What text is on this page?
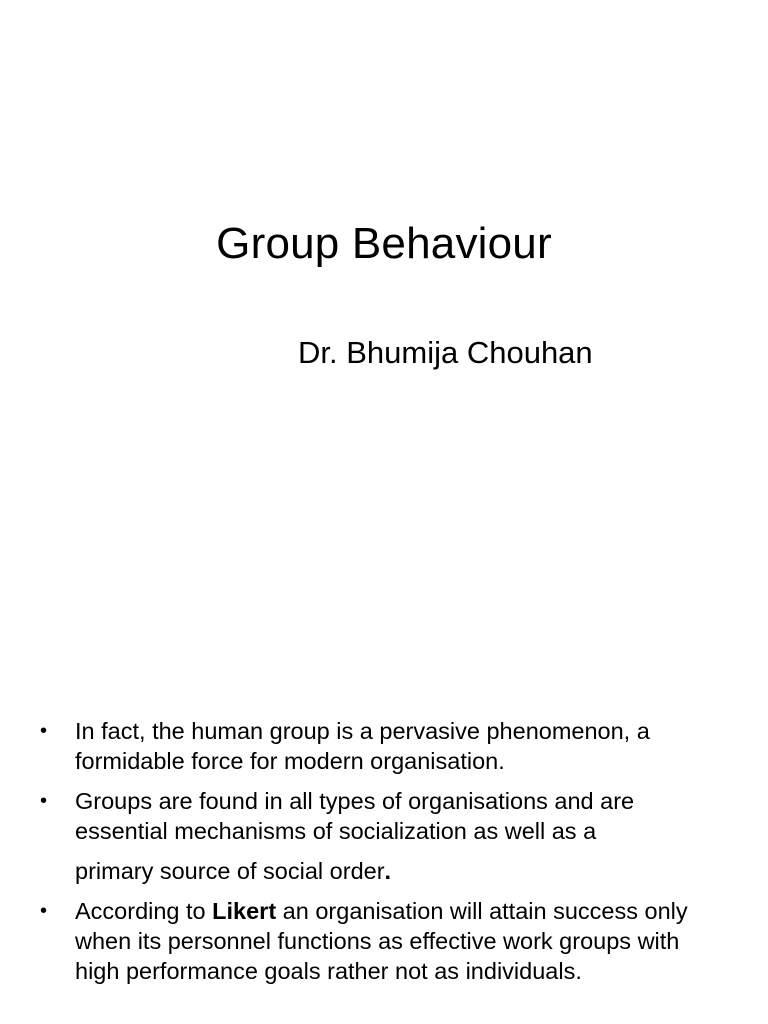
Group Behaviour

Dr. Bhumija Chouhan

• In fact, the human group is a pervasive phenomenon, a formidable force for modern organisation.
• Groups are found in all types of organisations and are essential mechanisms of socialization as well as a primary source of social order.
• According to Likert an organisation will attain success only when its personnel functions as effective work groups with high performance goals rather not as individuals.
